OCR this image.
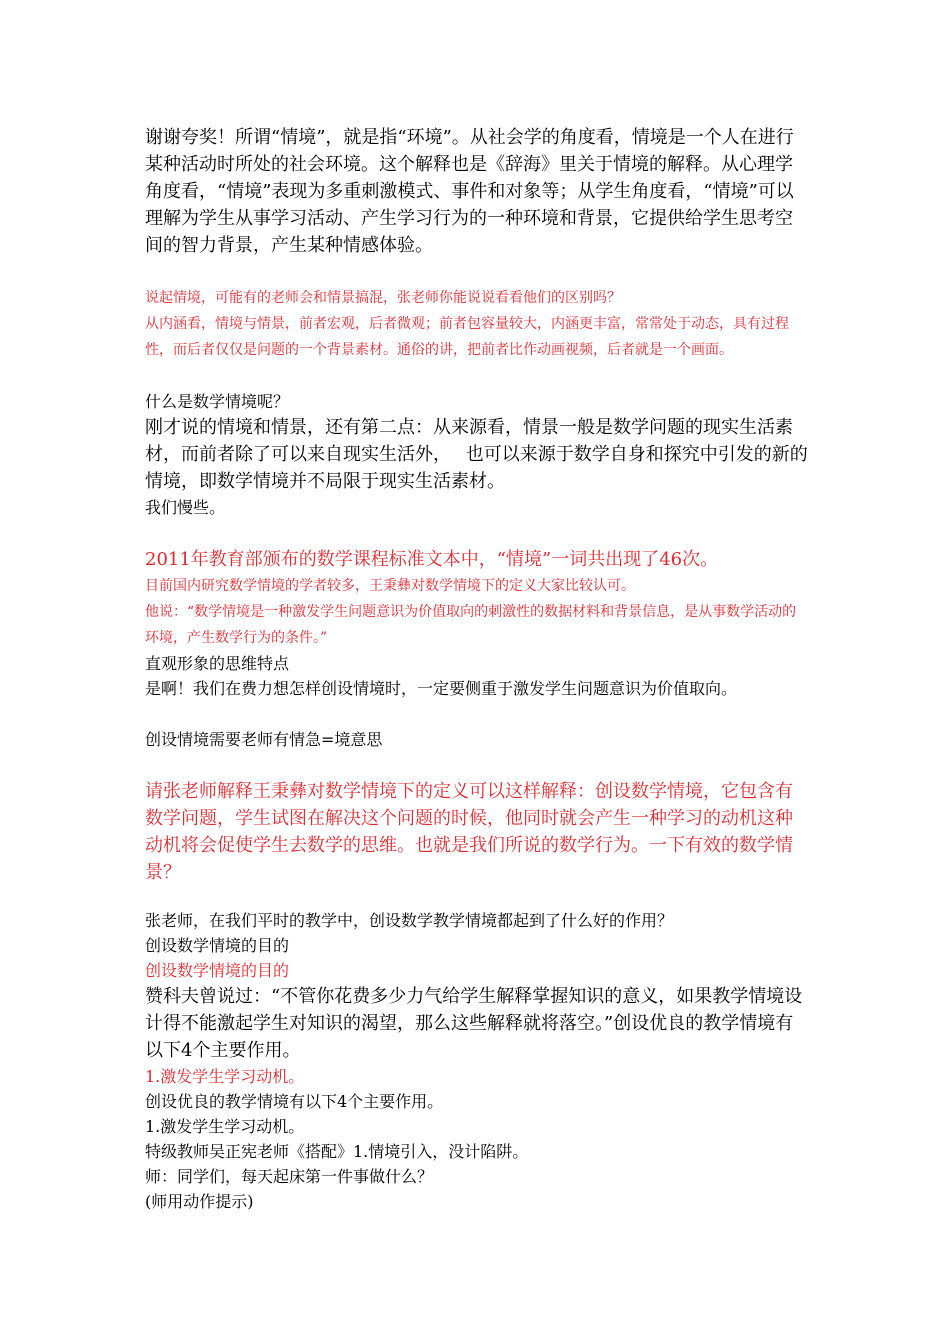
谢谢夸奖！所谓“情境”，就是指“环境”。从社会学的角度看，情境是一个人在进行某种活动时所处的社会环境。这个解释也是《辞海》里关于情境的解释。从心理学角度看，“情境”表现为多重刺激模式、事件和对象等；从学生角度看，“情境”可以理解为学生从事学习活动、产生学习行为的一种环境和背景，它提供给学生思考空间的智力背景，产生某种情感体验。

说起情境，可能有的老师会和情景搞混，张老师你能说说看看他们的区别吗？

从内涵看，情境与情景，前者宏观，后者微观；前者包容量较大，内涵更丰富，常常处于动态，具有过程性，而后者仅仅是问题的一个背景素材。通俗的讲，把前者比作动画视频，后者就是一个画面。

什么是数学情境呢？

刚才说的情境和情景，还有第二点：从来源看，情景一般是数学问题的现实生活素材，而前者除了可以来自现实生活外，　 也可以来源于数学自身和探究中引发的新的情境，即数学情境并不局限于现实生活素材。

我们慢些。

2011年教育部颁布的数学课程标准文本中，“情境”一词共出现了46次。

目前国内研究数学情境的学者较多，王秉彝对数学情境下的定义大家比较认可。

他说：“数学情境是一种激发学生问题意识为价值取向的刺激性的数据材料和背景信息，是从事数学活动的环境，产生数学行为的条件。”

直观形象的思维特点

是啊！我们在费力想怎样创设情境时，一定要侧重于激发学生问题意识为价值取向。

创设情境需要老师有情急=境意思

请张老师解释王秉彝对数学情境下的定义可以这样解释：创设数学情境，它包含有数学问题，学生试图在解决这个问题的时候，他同时就会产生一种学习的动机这种动机将会促使学生去数学的思维。也就是我们所说的数学行为。一下有效的数学情景？

张老师，在我们平时的教学中，创设数学教学情境都起到了什么好的作用？

创设数学情境的目的

创设数学情境的目的

赞科夫曾说过：“不管你花费多少力气给学生解释掌握知识的意义，如果教学情境设计得不能激起学生对知识的渴望，那么这些解释就将落空。”创设优良的教学情境有以下4个主要作用。

1.激发学生学习动机。

创设优良的教学情境有以下4个主要作用。

1.激发学生学习动机。

特级教师吴正宪老师《搭配》1.情境引入，没计陷阱。

师：同学们，每天起床第一件事做什么？

(师用动作提示)
